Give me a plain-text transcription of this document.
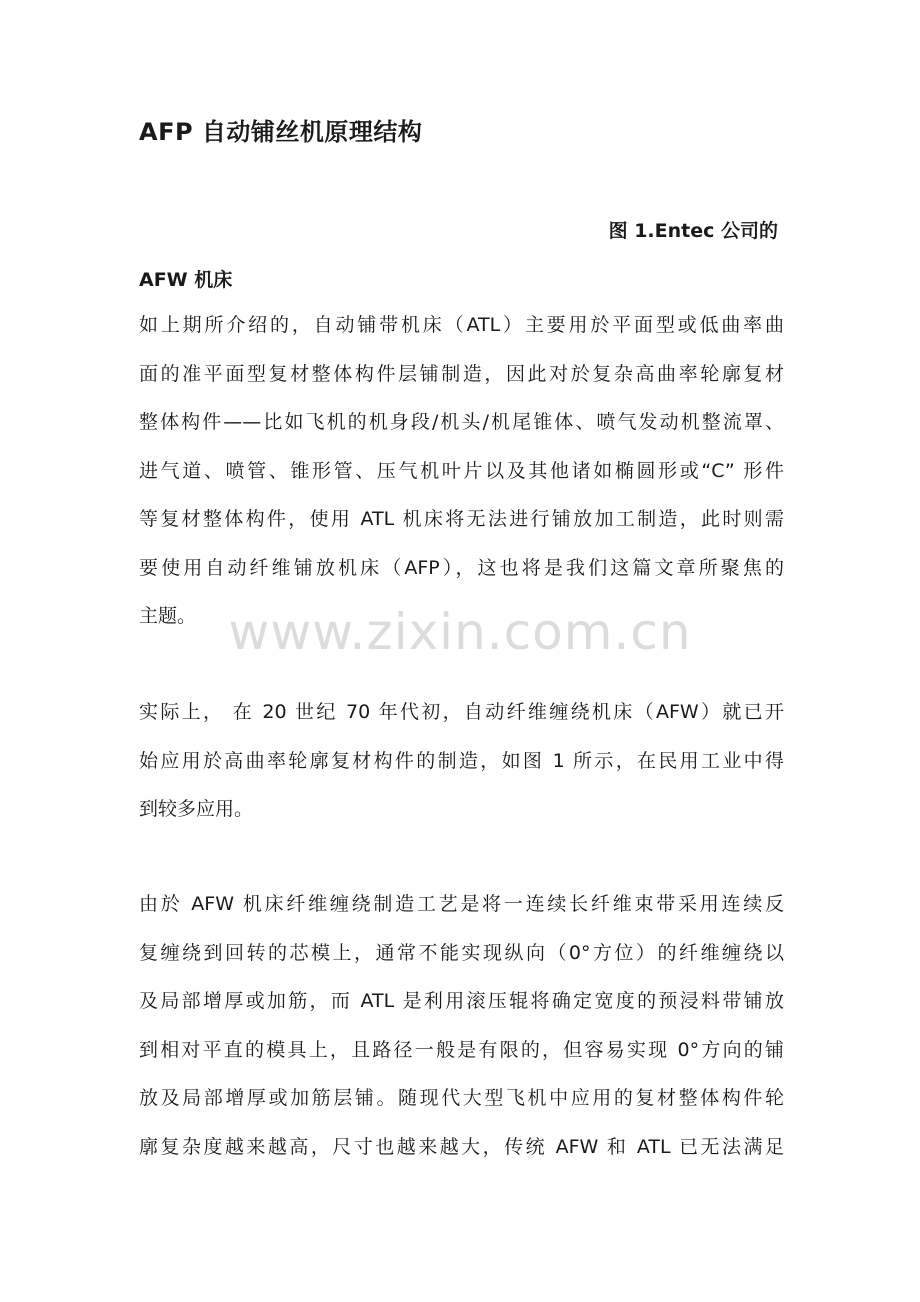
AFP 自动铺丝机原理结构
图 1.Entec 公司的
AFW 机床
如上期所介绍的，自动铺带机床（ATL）主要用於平面型或低曲率曲
面的准平面型复材整体构件层铺制造，因此对於复杂高曲率轮廓复材
整体构件——比如飞机的机身段/机头/机尾锥体、喷气发动机整流罩、
进气道、喷管、锥形管、压气机叶片以及其他诸如椭圆形或“C” 形件
等复材整体构件，使用 ATL 机床将无法进行铺放加工制造，此时则需
要使用自动纤维铺放机床（AFP），这也将是我们这篇文章所聚焦的
主题。 www.zixin.com.cn
实际上， 在 20 世纪 70 年代初，自动纤维缠绕机床（AFW）就已开
始应用於高曲率轮廓复材构件的制造，如图 1 所示，在民用工业中得
到较多应用。
由於 AFW 机床纤维缠绕制造工艺是将一连续长纤维束带采用连续反
复缠绕到回转的芯模上，通常不能实现纵向（0°方位）的纤维缠绕以
及局部增厚或加筋，而 ATL 是利用滚压辊将确定宽度的预浸料带铺放
到相对平直的模具上，且路径一般是有限的，但容易实现 0°方向的铺
放及局部增厚或加筋层铺。随现代大型飞机中应用的复材整体构件轮
廓复杂度越来越高，尺寸也越来越大，传统 AFW 和 ATL 已无法满足
